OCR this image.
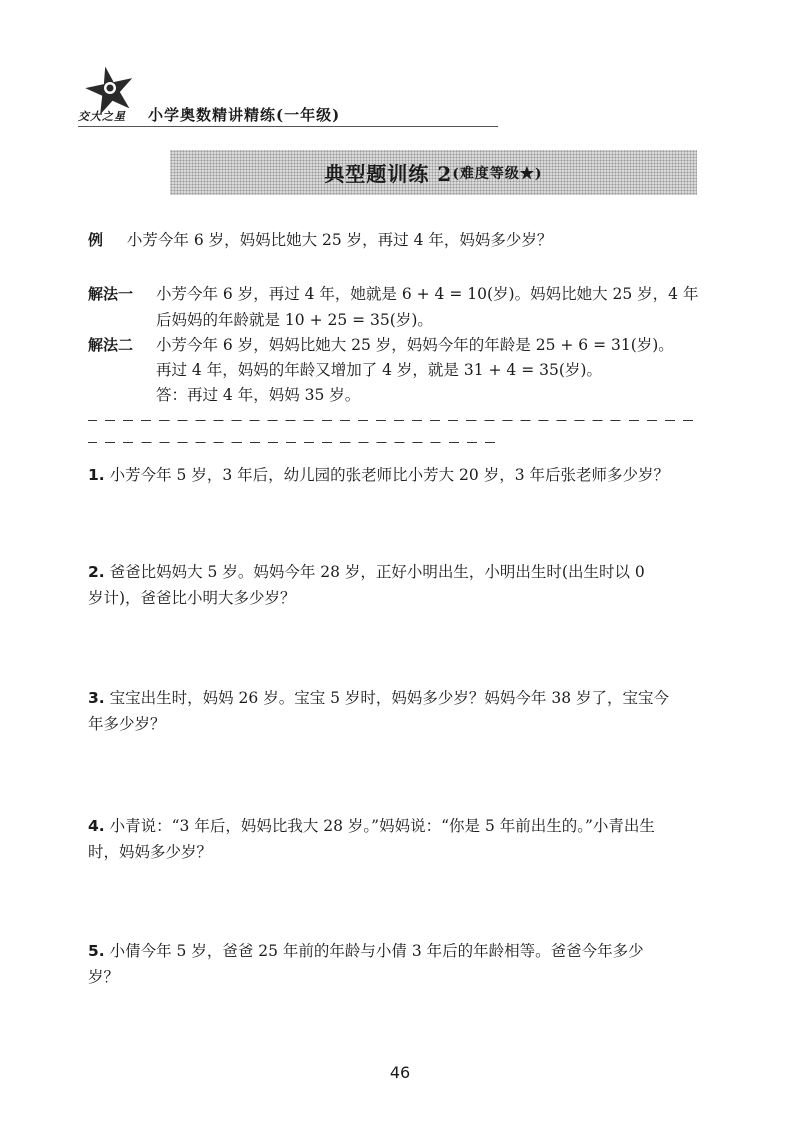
交大之星 小学奥数精讲精练(一年级)
典型题训练 2 (难度等级★)
例 小芳今年 6 岁，妈妈比她大 25 岁，再过 4 年，妈妈多少岁？
解法一 小芳今年 6 岁，再过 4 年，她就是 6 + 4 = 10(岁)。妈妈比她大 25 岁，4 年
后妈妈的年龄就是 10 + 25 = 35(岁)。
解法二 小芳今年 6 岁，妈妈比她大 25 岁，妈妈今年的年龄是 25 + 6 = 31(岁)。
再过 4 年，妈妈的年龄又增加了 4 岁，就是 31 + 4 = 35(岁)。
答：再过 4 年，妈妈 35 岁。
1. 小芳今年 5 岁，3 年后，幼儿园的张老师比小芳大 20 岁，3 年后张老师多少岁？
2. 爸爸比妈妈大 5 岁。妈妈今年 28 岁，正好小明出生，小明出生时(出生时以 0
岁计)，爸爸比小明大多少岁？
3. 宝宝出生时，妈妈 26 岁。宝宝 5 岁时，妈妈多少岁？妈妈今年 38 岁了，宝宝今
年多少岁？
4. 小青说：“3 年后，妈妈比我大 28 岁。”妈妈说：“你是 5 年前出生的。”小青出生
时，妈妈多少岁？
5. 小倩今年 5 岁，爸爸 25 年前的年龄与小倩 3 年后的年龄相等。爸爸今年多少
岁？
46
